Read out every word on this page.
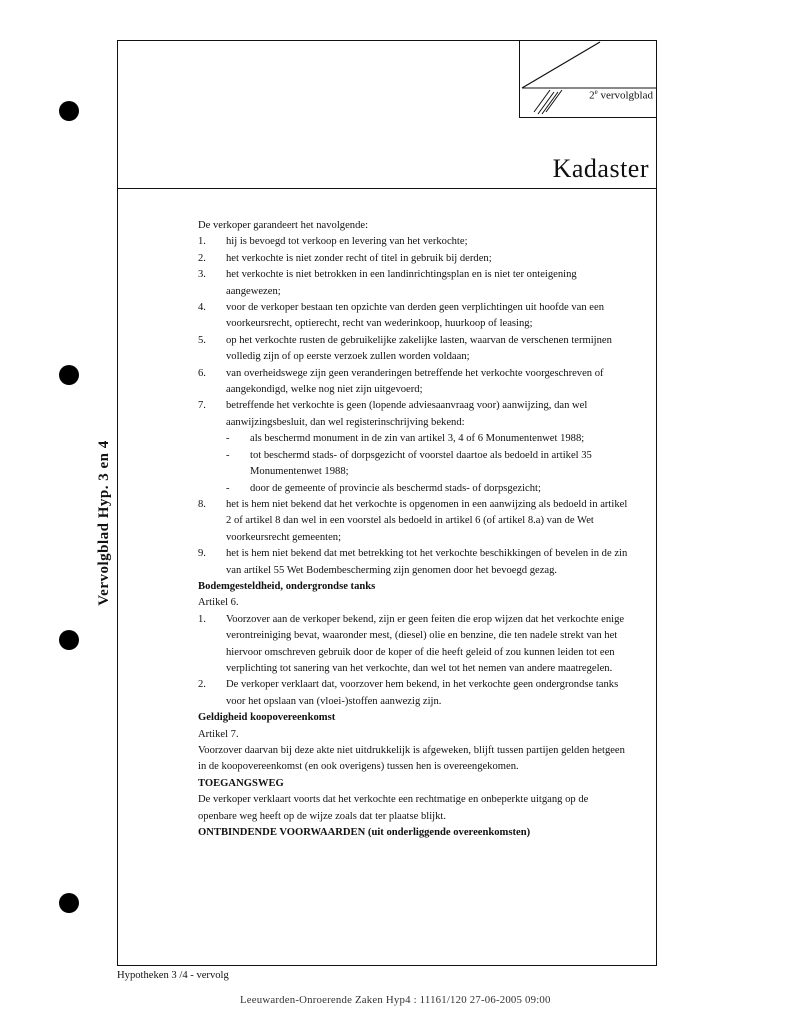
2e vervolgblad
Kadaster
Vervolgblad Hyp. 3 en 4

De verkoper garandeert het navolgende:

1.	hij is bevoegd tot verkoop en levering van het verkochte;
2.	het verkochte is niet zonder recht of titel in gebruik bij derden;
3.	het verkochte is niet betrokken in een landinrichtingsplan en is niet ter onteigening aangewezen;
4.	voor de verkoper bestaan ten opzichte van derden geen verplichtingen uit hoofde van een voorkeursrecht, optierecht, recht van wederinkoop, huurkoop of leasing;
5.	op het verkochte rusten de gebruikelijke zakelijke lasten, waarvan de verschenen termijnen volledig zijn of op eerste verzoek zullen worden voldaan;
6.	van overheidswege zijn geen veranderingen betreffende het verkochte voorgeschreven of aangekondigd, welke nog niet zijn uitgevoerd;
7.	betreffende het verkochte is geen (lopende adviesaanvraag voor) aanwijzing, dan wel aanwijzingsbesluit, dan wel registerinschrijving bekend:
-	als beschermd monument in de zin van artikel 3, 4 of 6 Monumentenwet 1988;
-	tot beschermd stads- of dorpsgezicht of voorstel daartoe als bedoeld in artikel 35 Monumentenwet 1988;
-	door de gemeente of provincie als beschermd stads- of dorpsgezicht;
8.	het is hem niet bekend dat het verkochte is opgenomen in een aanwijzing als bedoeld in artikel 2 of artikel 8 dan wel in een voorstel als bedoeld in artikel 6 (of artikel 8.a) van de Wet voorkeursrecht gemeenten;
9.	het is hem niet bekend dat met betrekking tot het verkochte beschikkingen of bevelen in de zin van artikel 55 Wet Bodembescherming zijn genomen door het bevoegd gezag.

Bodemgesteldheid, ondergrondse tanks

Artikel 6.

1.	Voorzover aan de verkoper bekend, zijn er geen feiten die erop wijzen dat het verkochte enige verontreiniging bevat, waaronder mest, (diesel) olie en benzine, die ten nadele strekt van het hiervoor omschreven gebruik door de koper of die heeft geleid of zou kunnen leiden tot een verplichting tot sanering van het verkochte, dan wel tot het nemen van andere maatregelen.
2.	De verkoper verklaart dat, voorzover hem bekend, in het verkochte geen ondergrondse tanks voor het opslaan van (vloei-)stoffen aanwezig zijn.

Geldigheid koopovereenkomst

Artikel 7.

Voorzover daarvan bij deze akte niet uitdrukkelijk is afgeweken, blijft tussen partijen gelden hetgeen in de koopovereenkomst (en ook overigens) tussen hen is overeengekomen.

TOEGANGSWEG

De verkoper verklaart voorts dat het verkochte een rechtmatige en onbeperkte uitgang op de openbare weg heeft op de wijze zoals dat ter plaatse blijkt.

ONTBINDENDE VOORWAARDEN (uit onderliggende overeenkomsten)

Hypotheken 3 /4 - vervolg
Leeuwarden-Onroerende Zaken Hyp4 : 11161/120 27-06-2005 09:00
